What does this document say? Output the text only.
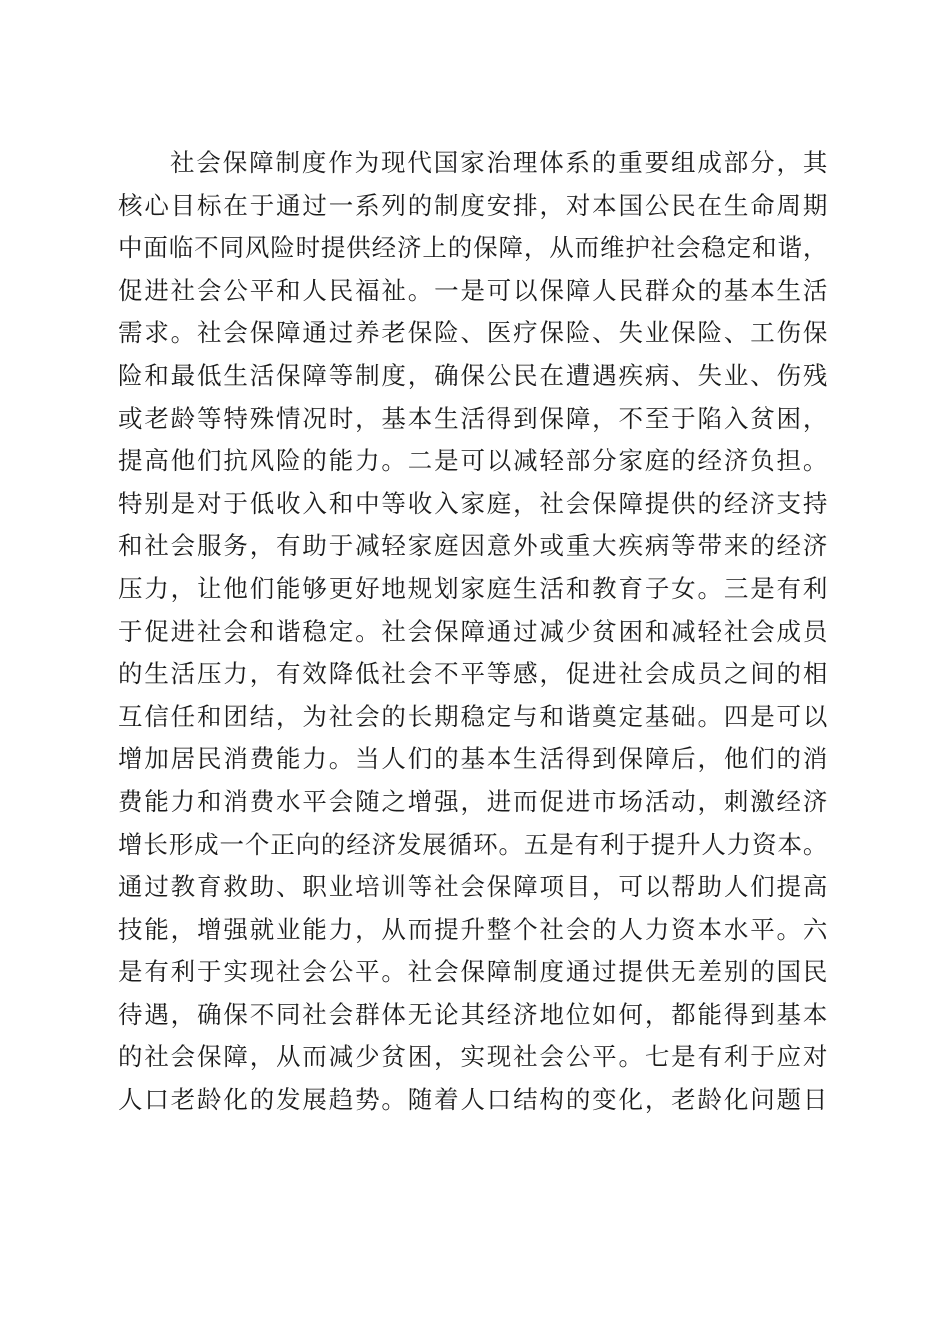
社会保障制度作为现代国家治理体系的重要组成部分，其
核心目标在于通过一系列的制度安排，对本国公民在生命周期
中面临不同风险时提供经济上的保障，从而维护社会稳定和谐，
促进社会公平和人民福祉。一是可以保障人民群众的基本生活
需求。社会保障通过养老保险、医疗保险、失业保险、工伤保
险和最低生活保障等制度，确保公民在遭遇疾病、失业、伤残
或老龄等特殊情况时，基本生活得到保障，不至于陷入贫困，
提高他们抗风险的能力。二是可以减轻部分家庭的经济负担。
特别是对于低收入和中等收入家庭，社会保障提供的经济支持
和社会服务，有助于减轻家庭因意外或重大疾病等带来的经济
压力，让他们能够更好地规划家庭生活和教育子女。三是有利
于促进社会和谐稳定。社会保障通过减少贫困和减轻社会成员
的生活压力，有效降低社会不平等感，促进社会成员之间的相
互信任和团结，为社会的长期稳定与和谐奠定基础。四是可以
增加居民消费能力。当人们的基本生活得到保障后，他们的消
费能力和消费水平会随之增强，进而促进市场活动，刺激经济
增长形成一个正向的经济发展循环。五是有利于提升人力资本。
通过教育救助、职业培训等社会保障项目，可以帮助人们提高
技能，增强就业能力，从而提升整个社会的人力资本水平。六
是有利于实现社会公平。社会保障制度通过提供无差别的国民
待遇，确保不同社会群体无论其经济地位如何，都能得到基本
的社会保障，从而减少贫困，实现社会公平。七是有利于应对
人口老龄化的发展趋势。随着人口结构的变化，老龄化问题日
